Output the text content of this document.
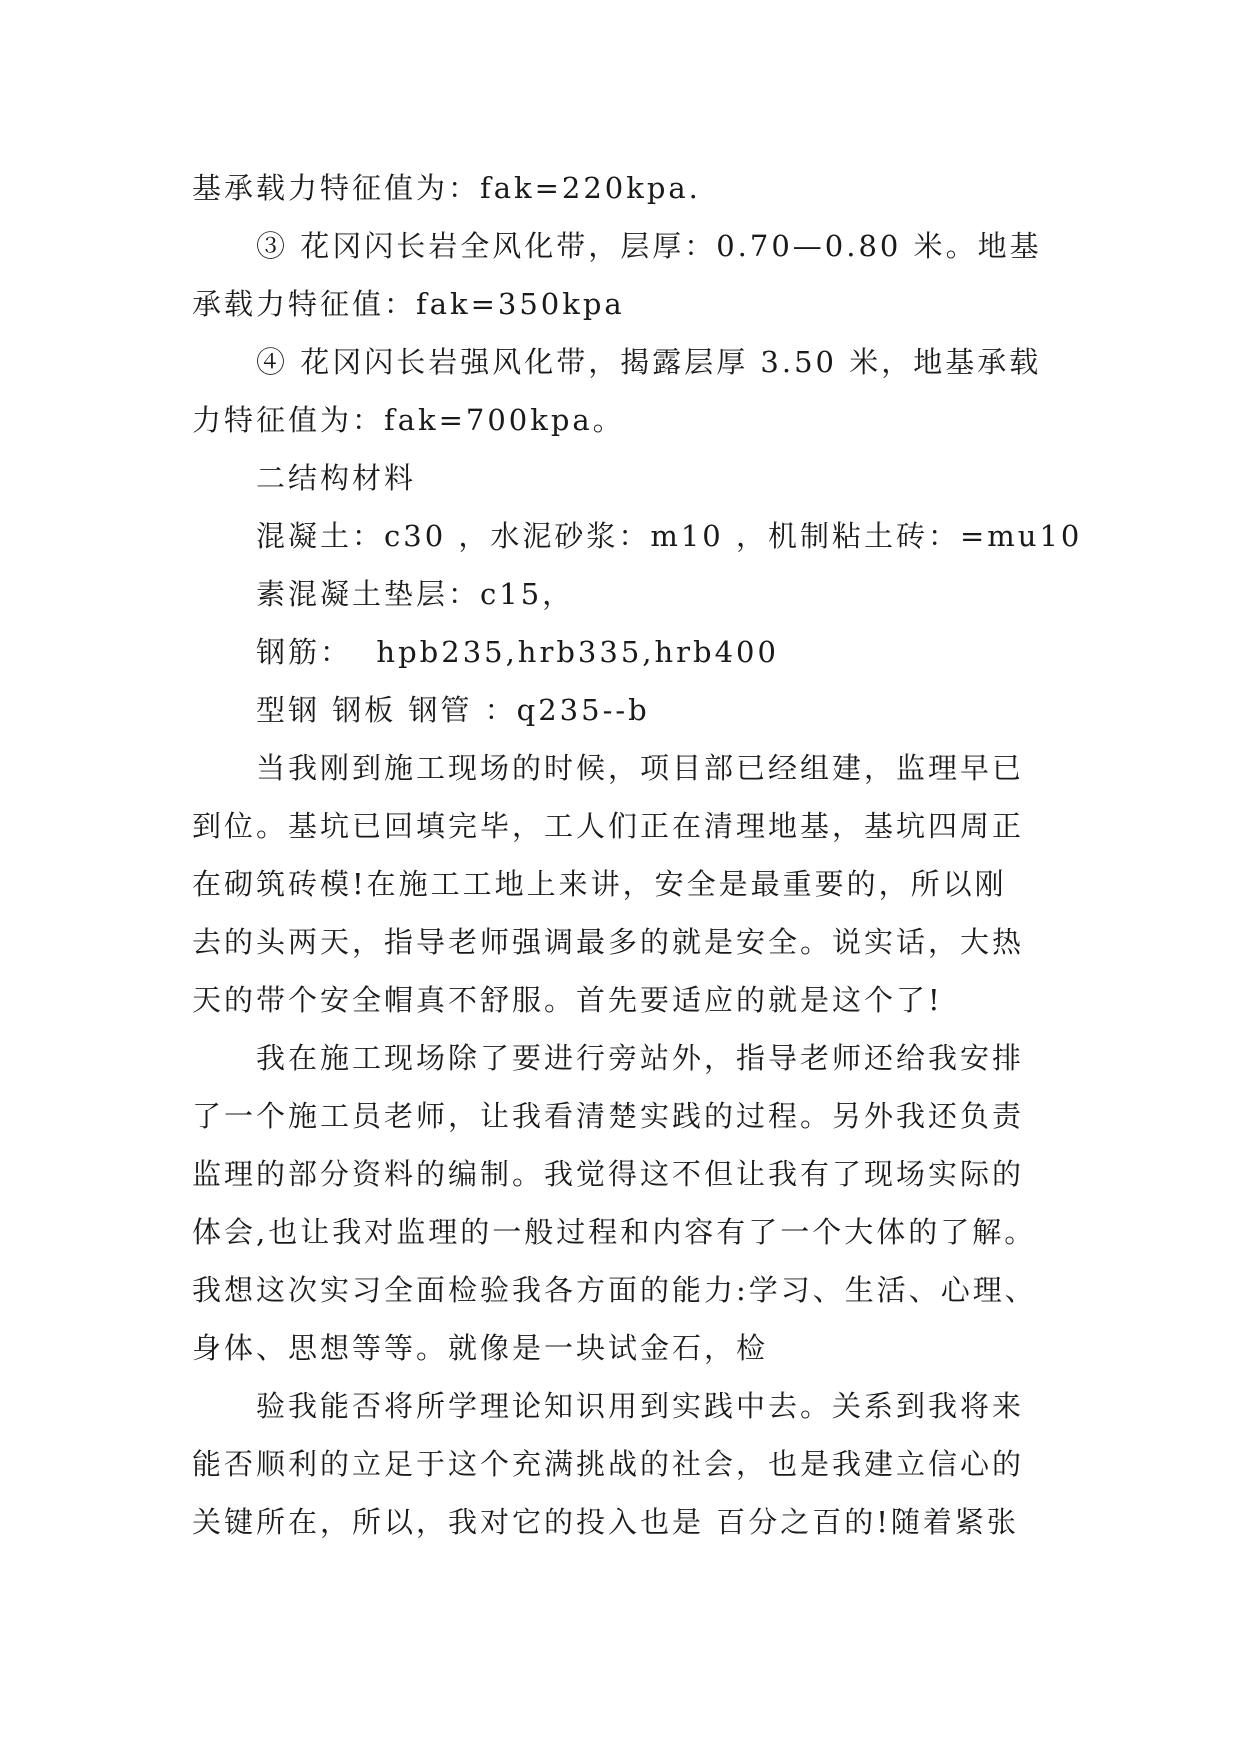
基承载力特征值为：fak=220kpa.
③ 花冈闪长岩全风化带，层厚：0.70—0.80 米。地基
承载力特征值：fak=350kpa
④ 花冈闪长岩强风化带，揭露层厚 3.50 米，地基承载
力特征值为：fak=700kpa。
二结构材料
混凝土：c30 ，水泥砂浆：m10 ，机制粘土砖：=mu10
素混凝土垫层：c15，
钢筋：  hpb235,hrb335,hrb400
型钢 钢板 钢管 ：q235--b
当我刚到施工现场的时候，项目部已经组建，监理早已
到位。基坑已回填完毕，工人们正在清理地基，基坑四周正
在砌筑砖模!在施工工地上来讲，安全是最重要的，所以刚
去的头两天，指导老师强调最多的就是安全。说实话，大热
天的带个安全帽真不舒服。首先要适应的就是这个了!
我在施工现场除了要进行旁站外，指导老师还给我安排
了一个施工员老师，让我看清楚实践的过程。另外我还负责
监理的部分资料的编制。我觉得这不但让我有了现场实际的
体会,也让我对监理的一般过程和内容有了一个大体的了解。
我想这次实习全面检验我各方面的能力:学习、生活、心理、
身体、思想等等。就像是一块试金石，检
验我能否将所学理论知识用到实践中去。关系到我将来
能否顺利的立足于这个充满挑战的社会，也是我建立信心的
关键所在，所以，我对它的投入也是 百分之百的!随着紧张
